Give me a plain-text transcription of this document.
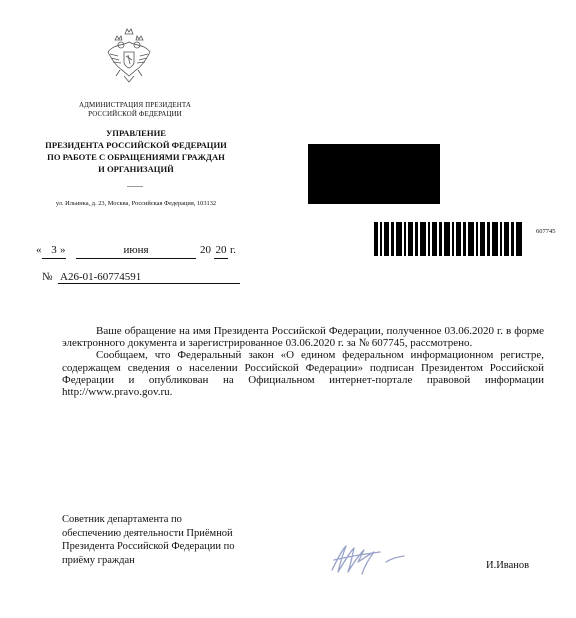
АДМИНИСТРАЦИЯ ПРЕЗИДЕНТА
РОССИЙСКОЙ ФЕДЕРАЦИИ
УПРАВЛЕНИЕ
ПРЕЗИДЕНТА РОССИЙСКОЙ ФЕДЕРАЦИИ
ПО РАБОТЕ С ОБРАЩЕНИЯМИ ГРАЖДАН
И ОРГАНИЗАЦИЙ
ул. Ильинка, д. 23, Москва, Российская Федерация, 103132
607745
« 3 »	июня	20 20 г.
№ А26-01-60774591

Ваше обращение на имя Президента Российской Федерации, полученное 03.06.2020 г. в форме электронного документа и зарегистрированное 03.06.2020 г. за № 607745, рассмотрено.

Сообщаем, что Федеральный закон «О едином федеральном информационном регистре, содержащем сведения о населении Российской Федерации» подписан Президентом Российской Федерации и опубликован на Официальном интернет-портале правовой информации http://www.pravo.gov.ru.

Советник департамента по
обеспечению деятельности Приёмной
Президента Российской Федерации по
приёму граждан	И.Иванов
